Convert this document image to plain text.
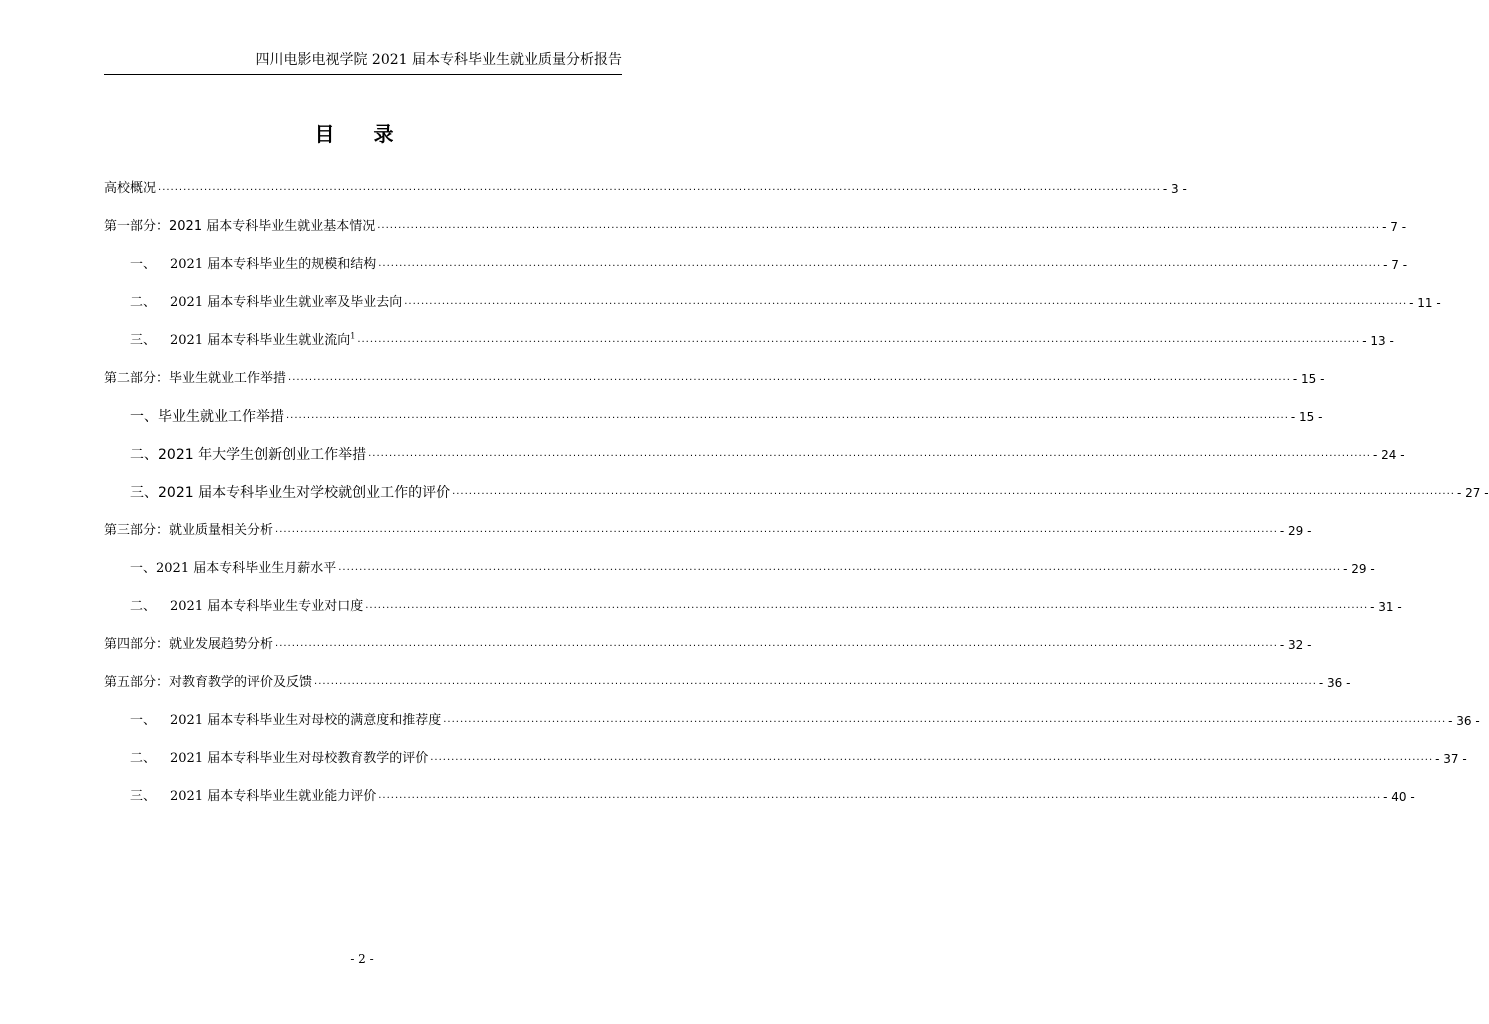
四川电影电视学院 2021 届本专科毕业生就业质量分析报告
目 录
高校概况 ................................................................................................................................................................................................................................................ - 3 -
第一部分：2021 届本专科毕业生就业基本情况 ................................................................................................................................................................................................................................................ - 7 -
一、 2021 届本专科毕业生的规模和结构 ................................................................................................................................................................................................................................................ - 7 -
二、 2021 届本专科毕业生就业率及毕业去向 ................................................................................................................................................................................................................................................ - 11 -
三、 2021 届本专科毕业生就业流向$^1$ ................................................................................................................................................................................................................................................ - 13 -
第二部分：毕业生就业工作举措 ................................................................................................................................................................................................................................................ - 15 -
一、毕业生就业工作举措 ................................................................................................................................................................................................................................................ - 15 -
二、2021 年大学生创新创业工作举措 ................................................................................................................................................................................................................................................ - 24 -
三、2021 届本专科毕业生对学校就创业工作的评价 ................................................................................................................................................................................................................................................ - 27 -
第三部分：就业质量相关分析 ................................................................................................................................................................................................................................................ - 29 -
一、2021 届本专科毕业生月薪水平 ................................................................................................................................................................................................................................................ - 29 -
二、 2021 届本专科毕业生专业对口度 ................................................................................................................................................................................................................................................ - 31 -
第四部分：就业发展趋势分析 ................................................................................................................................................................................................................................................ - 32 -
第五部分：对教育教学的评价及反馈 ................................................................................................................................................................................................................................................ - 36 -
一、 2021 届本专科毕业生对母校的满意度和推荐度 ................................................................................................................................................................................................................................................ - 36 -
二、 2021 届本专科毕业生对母校教育教学的评价 ................................................................................................................................................................................................................................................ - 37 -
三、 2021 届本专科毕业生就业能力评价 ................................................................................................................................................................................................................................................ - 40 -
- 2 -
